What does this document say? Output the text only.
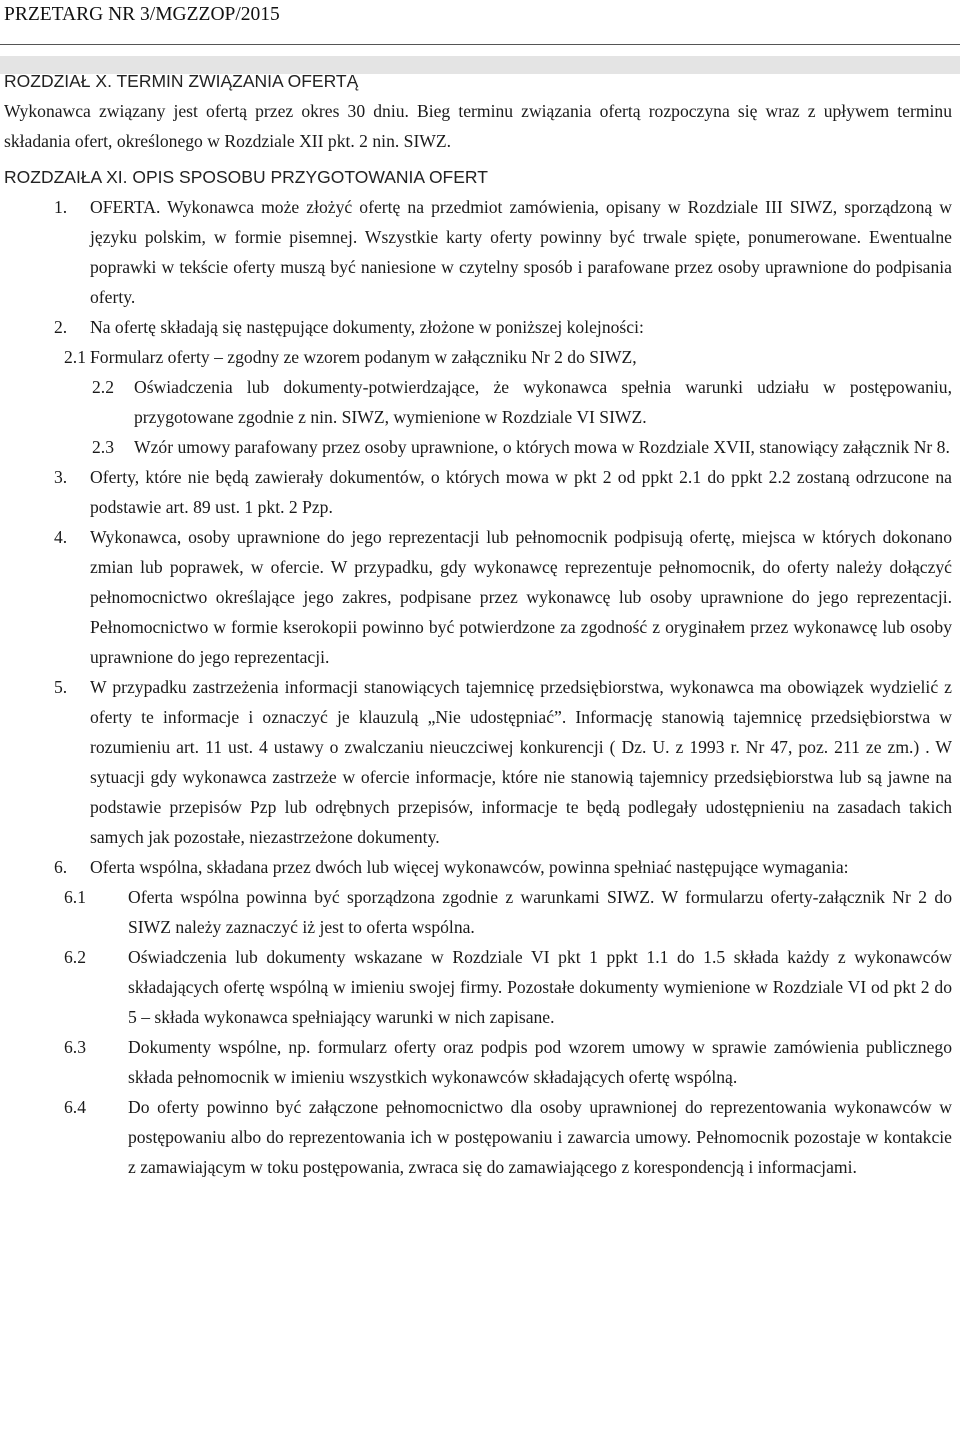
PRZETARG NR 3/MGZZOP/2015
ROZDZIAŁ X. TERMIN ZWIĄZANIA OFERTĄ
Wykonawca związany jest ofertą przez okres 30 dniu. Bieg terminu związania ofertą rozpoczyna się wraz z upływem terminu składania ofert, określonego w Rozdziale XII pkt. 2 nin. SIWZ.
ROZDZAIŁA XI. OPIS SPOSOBU PRZYGOTOWANIA OFERT
1. OFERTA. Wykonawca może złożyć ofertę na przedmiot zamówienia, opisany w Rozdziale III SIWZ, sporządzoną w języku polskim, w formie pisemnej. Wszystkie karty oferty powinny być trwale spięte, ponumerowane. Ewentualne poprawki w tekście oferty muszą być naniesione w czytelny sposób i parafowane przez osoby uprawnione do podpisania oferty.
2. Na ofertę składają się następujące dokumenty, złożone w poniższej kolejności:
2.1 Formularz oferty – zgodny ze wzorem podanym w załączniku Nr 2 do SIWZ,
2.2 Oświadczenia lub dokumenty-potwierdzające, że wykonawca spełnia warunki udziału w postępowaniu, przygotowane zgodnie z nin. SIWZ, wymienione w Rozdziale VI SIWZ.
2.3 Wzór umowy parafowany przez osoby uprawnione, o których mowa w Rozdziale XVII, stanowiący załącznik Nr 8.
3. Oferty, które nie będą zawierały dokumentów, o których mowa w pkt 2 od ppkt 2.1 do ppkt 2.2 zostaną odrzucone na podstawie art. 89 ust. 1 pkt. 2 Pzp.
4. Wykonawca, osoby uprawnione do jego reprezentacji lub pełnomocnik podpisują ofertę, miejsca w których dokonano zmian lub poprawek, w ofercie. W przypadku, gdy wykonawcę reprezentuje pełnomocnik, do oferty należy dołączyć pełnomocnictwo określające jego zakres, podpisane przez wykonawcę lub osoby uprawnione do jego reprezentacji. Pełnomocnictwo w formie kserokopii powinno być potwierdzone za zgodność z oryginałem przez wykonawcę lub osoby uprawnione do jego reprezentacji.
5. W przypadku zastrzeżenia informacji stanowiących tajemnicę przedsiębiorstwa, wykonawca ma obowiązek wydzielić z oferty te informacje i oznaczyć je klauzulą „Nie udostępniać”. Informację stanowią tajemnicę przedsiębiorstwa w rozumieniu art. 11 ust. 4 ustawy o zwalczaniu nieuczciwej konkurencji ( Dz. U. z 1993 r. Nr 47, poz. 211 ze zm.) . W sytuacji gdy wykonawca zastrzeże w ofercie informacje, które nie stanowią tajemnicy przedsiębiorstwa lub są jawne na podstawie przepisów Pzp lub odrębnych przepisów, informacje te będą podlegały udostępnieniu na zasadach takich samych jak pozostałe, niezastrzeżone dokumenty.
6. Oferta wspólna, składana przez dwóch lub więcej wykonawców, powinna spełniać następujące wymagania:
6.1 Oferta wspólna powinna być sporządzona zgodnie z warunkami SIWZ. W formularzu oferty-załącznik Nr 2 do SIWZ należy zaznaczyć iż jest to oferta wspólna.
6.2 Oświadczenia lub dokumenty wskazane w Rozdziale VI pkt 1 ppkt 1.1 do 1.5 składa każdy z wykonawców składających ofertę wspólną w imieniu swojej firmy. Pozostałe dokumenty wymienione w Rozdziale VI od pkt 2 do 5 – składa wykonawca spełniający warunki w nich zapisane.
6.3 Dokumenty wspólne, np. formularz oferty oraz podpis pod wzorem umowy w sprawie zamówienia publicznego składa pełnomocnik w imieniu wszystkich wykonawców składających ofertę wspólną.
6.4 Do oferty powinno być załączone pełnomocnictwo dla osoby uprawnionej do reprezentowania wykonawców w postępowaniu albo do reprezentowania ich w postępowaniu i zawarcia umowy. Pełnomocnik pozostaje w kontakcie z zamawiającym w toku postępowania, zwraca się do zamawiającego z korespondencją i informacjami.
